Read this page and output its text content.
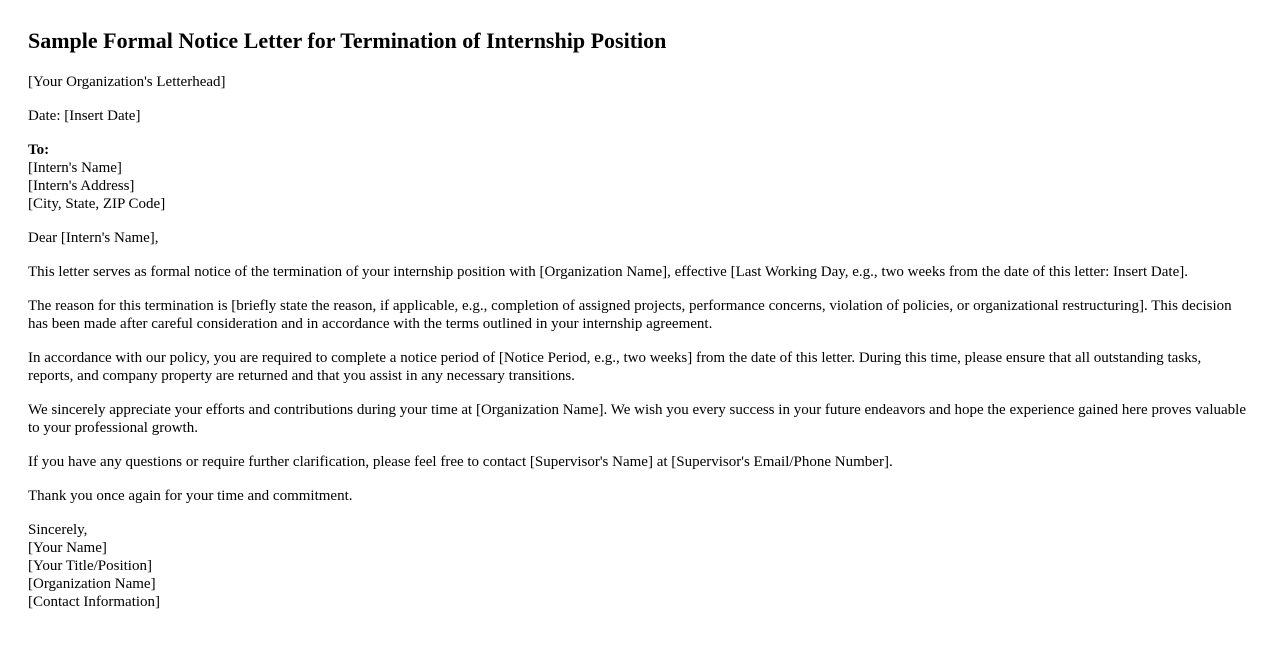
Sample Formal Notice Letter for Termination of Internship Position

[Your Organization's Letterhead]

Date: [Insert Date]

To:
[Intern's Name]
[Intern's Address]
[City, State, ZIP Code]

Dear [Intern's Name],

This letter serves as formal notice of the termination of your internship position with [Organization Name], effective [Last Working Day, e.g., two weeks from the date of this letter: Insert Date].

The reason for this termination is [briefly state the reason, if applicable, e.g., completion of assigned projects, performance concerns, violation of policies, or organizational restructuring]. This decision has been made after careful consideration and in accordance with the terms outlined in your internship agreement.

In accordance with our policy, you are required to complete a notice period of [Notice Period, e.g., two weeks] from the date of this letter. During this time, please ensure that all outstanding tasks, reports, and company property are returned and that you assist in any necessary transitions.

We sincerely appreciate your efforts and contributions during your time at [Organization Name]. We wish you every success in your future endeavors and hope the experience gained here proves valuable to your professional growth.

If you have any questions or require further clarification, please feel free to contact [Supervisor's Name] at [Supervisor's Email/Phone Number].

Thank you once again for your time and commitment.

Sincerely,
[Your Name]
[Your Title/Position]
[Organization Name]
[Contact Information]
